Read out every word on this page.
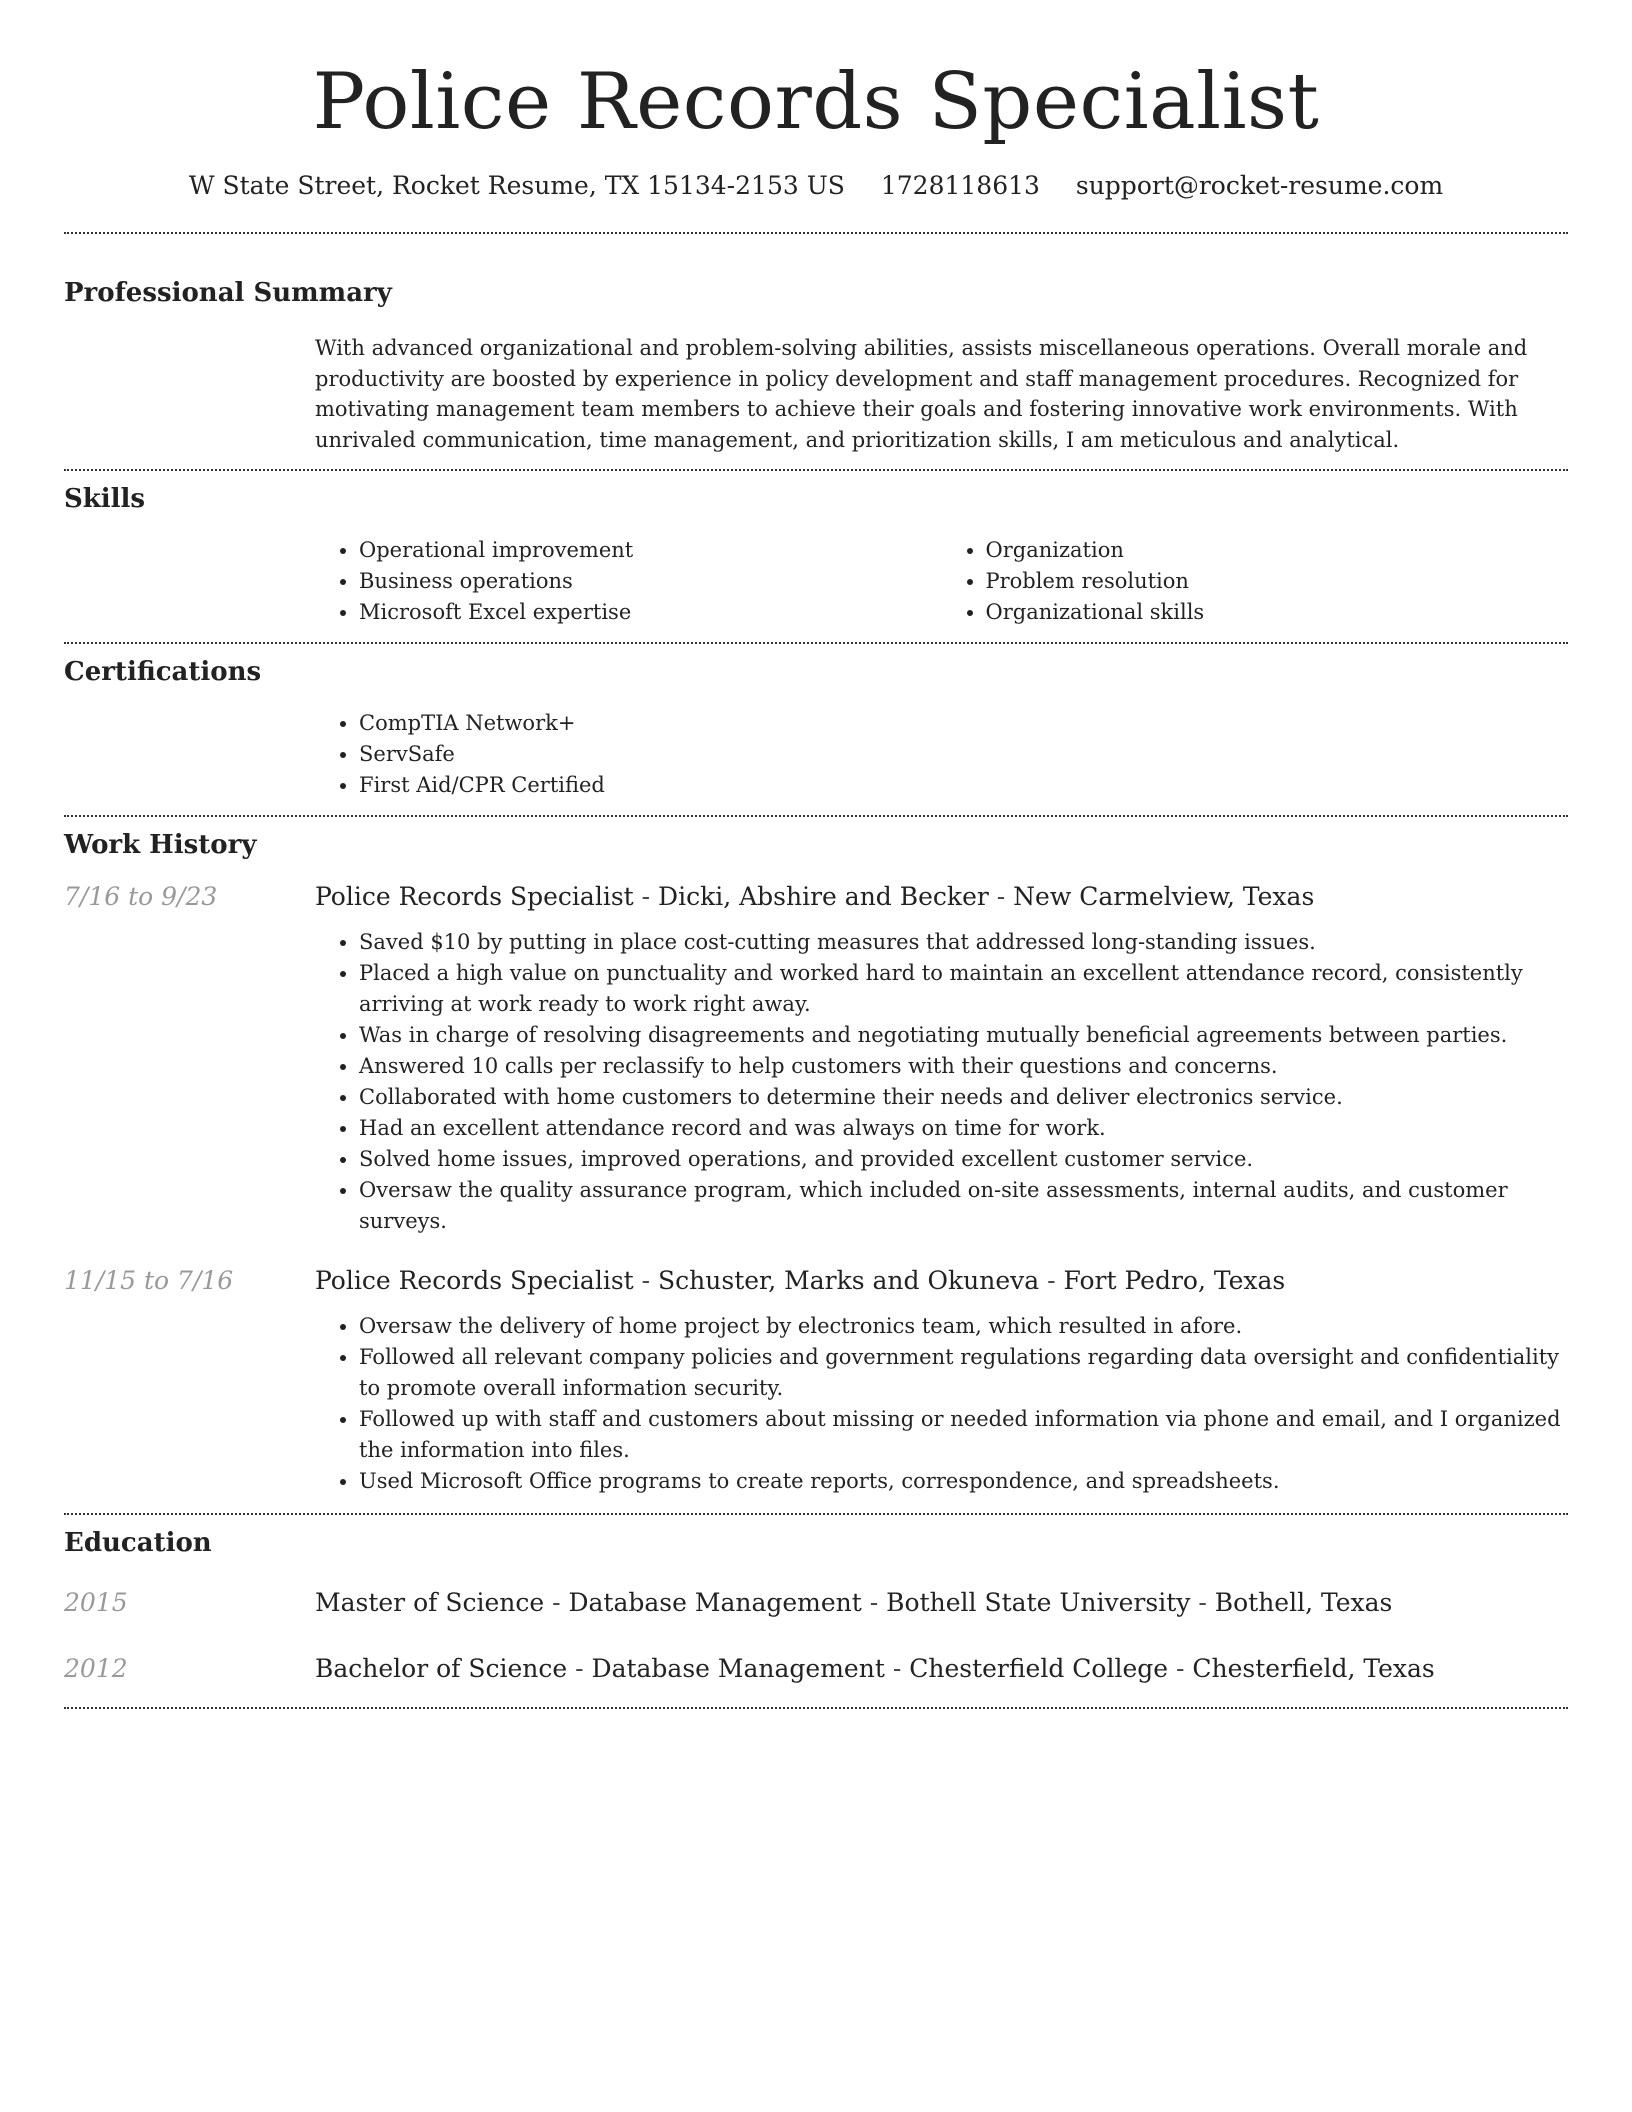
Police Records Specialist
W State Street, Rocket Resume, TX 15134-2153 US 1728118613 support@rocket-resume.com
Professional Summary
With advanced organizational and problem-solving abilities, assists miscellaneous operations. Overall morale and productivity are boosted by experience in policy development and staff management procedures. Recognized for motivating management team members to achieve their goals and fostering innovative work environments. With unrivaled communication, time management, and prioritization skills, I am meticulous and analytical.
Skills
• Operational improvement
• Business operations
• Microsoft Excel expertise
• Organization
• Problem resolution
• Organizational skills
Certifications
• CompTIA Network+
• ServSafe
• First Aid/CPR Certified
Work History
7/16 to 9/23	Police Records Specialist - Dicki, Abshire and Becker - New Carmelview, Texas
• Saved $10 by putting in place cost-cutting measures that addressed long-standing issues.
• Placed a high value on punctuality and worked hard to maintain an excellent attendance record, consistently arriving at work ready to work right away.
• Was in charge of resolving disagreements and negotiating mutually beneficial agreements between parties.
• Answered 10 calls per reclassify to help customers with their questions and concerns.
• Collaborated with home customers to determine their needs and deliver electronics service.
• Had an excellent attendance record and was always on time for work.
• Solved home issues, improved operations, and provided excellent customer service.
• Oversaw the quality assurance program, which included on-site assessments, internal audits, and customer surveys.
11/15 to 7/16	Police Records Specialist - Schuster, Marks and Okuneva - Fort Pedro, Texas
• Oversaw the delivery of home project by electronics team, which resulted in afore.
• Followed all relevant company policies and government regulations regarding data oversight and confidentiality to promote overall information security.
• Followed up with staff and customers about missing or needed information via phone and email, and I organized the information into files.
• Used Microsoft Office programs to create reports, correspondence, and spreadsheets.
Education
2015	Master of Science - Database Management - Bothell State University - Bothell, Texas
2012	Bachelor of Science - Database Management - Chesterfield College - Chesterfield, Texas
